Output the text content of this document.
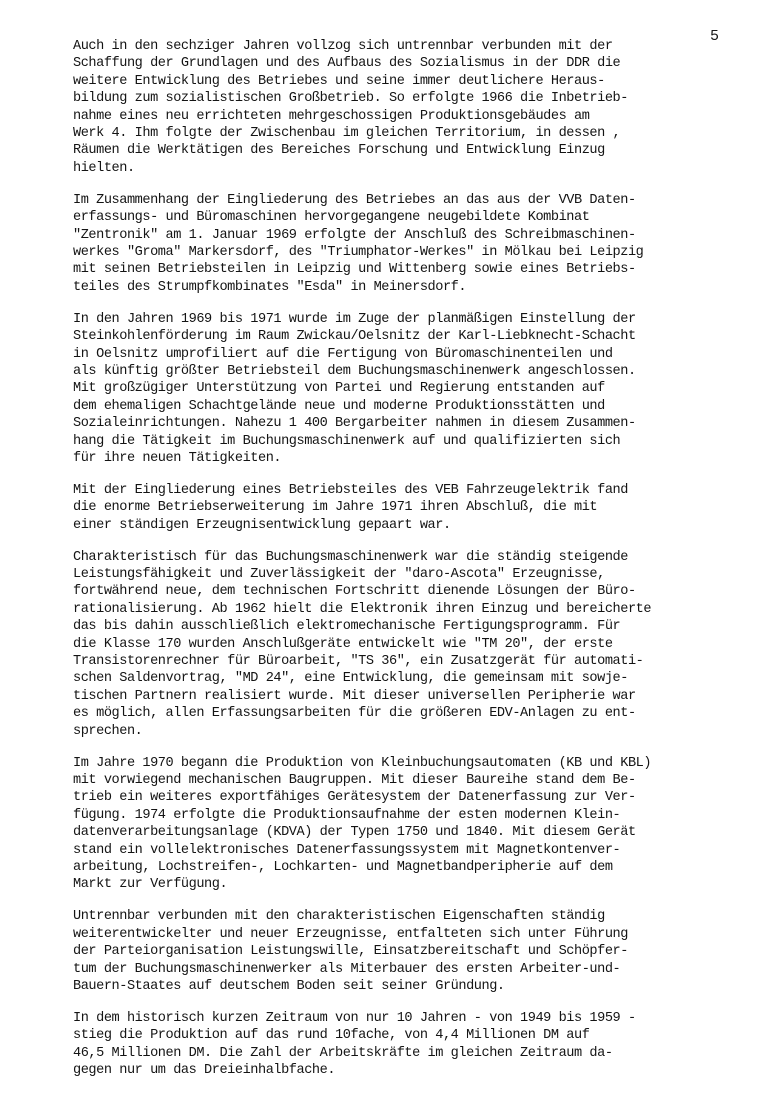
5

Auch in den sechziger Jahren vollzog sich untrennbar verbunden mit der
Schaffung der Grundlagen und des Aufbaus des Sozialismus in der DDR die
weitere Entwicklung des Betriebes und seine immer deutlichere Heraus-
bildung zum sozialistischen Großbetrieb. So erfolgte 1966 die Inbetrieb-
nahme eines neu errichteten mehrgeschossigen Produktionsgebäudes am
Werk 4. Ihm folgte der Zwischenbau im gleichen Territorium, in dessen ,
Räumen die Werktätigen des Bereiches Forschung und Entwicklung Einzug
hielten.

Im Zusammenhang der Eingliederung des Betriebes an das aus der VVB Daten-
erfassungs- und Büromaschinen hervorgegangene neugebildete Kombinat
"Zentronik" am 1. Januar 1969 erfolgte der Anschluß des Schreibmaschinen-
werkes "Groma" Markersdorf, des "Triumphator-Werkes" in Mölkau bei Leipzig
mit seinen Betriebsteilen in Leipzig und Wittenberg sowie eines Betriebs-
teiles des Strumpfkombinates "Esda" in Meinersdorf.

In den Jahren 1969 bis 1971 wurde im Zuge der planmäßigen Einstellung der
Steinkohlenförderung im Raum Zwickau/Oelsnitz der Karl-Liebknecht-Schacht
in Oelsnitz umprofiliert auf die Fertigung von Büromaschinenteilen und
als künftig größter Betriebsteil dem Buchungsmaschinenwerk angeschlossen.
Mit großzügiger Unterstützung von Partei und Regierung entstanden auf
dem ehemaligen Schachtgelände neue und moderne Produktionsstätten und
Sozialeinrichtungen. Nahezu 1 400 Bergarbeiter nahmen in diesem Zusammen-
hang die Tätigkeit im Buchungsmaschinenwerk auf und qualifizierten sich
für ihre neuen Tätigkeiten.

Mit der Eingliederung eines Betriebsteiles des VEB Fahrzeugelektrik fand
die enorme Betriebserweiterung im Jahre 1971 ihren Abschluß, die mit
einer ständigen Erzeugnisentwicklung gepaart war.

Charakteristisch für das Buchungsmaschinenwerk war die ständig steigende
Leistungsfähigkeit und Zuverlässigkeit der "daro-Ascota" Erzeugnisse,
fortwährend neue, dem technischen Fortschritt dienende Lösungen der Büro-
rationalisierung. Ab 1962 hielt die Elektronik ihren Einzug und bereicherte
das bis dahin ausschließlich elektromechanische Fertigungsprogramm. Für
die Klasse 170 wurden Anschlußgeräte entwickelt wie "TM 20", der erste
Transistorenrechner für Büroarbeit, "TS 36", ein Zusatzgerät für automati-
schen Saldenvortrag, "MD 24", eine Entwicklung, die gemeinsam mit sowje-
tischen Partnern realisiert wurde. Mit dieser universellen Peripherie war
es möglich, allen Erfassungsarbeiten für die größeren EDV-Anlagen zu ent-
sprechen.

Im Jahre 1970 begann die Produktion von Kleinbuchungsautomaten (KB und KBL)
mit vorwiegend mechanischen Baugruppen. Mit dieser Baureihe stand dem Be-
trieb ein weiteres exportfähiges Gerätesystem der Datenerfassung zur Ver-
fügung. 1974 erfolgte die Produktionsaufnahme der esten modernen Klein-
datenverarbeitungsanlage (KDVA) der Typen 1750 und 1840. Mit diesem Gerät
stand ein vollelektronisches Datenerfassungssystem mit Magnetkontenver-
arbeitung, Lochstreifen-, Lochkarten- und Magnetbandperipherie auf dem
Markt zur Verfügung.

Untrennbar verbunden mit den charakteristischen Eigenschaften ständig
weiterentwickelter und neuer Erzeugnisse, entfalteten sich unter Führung
der Parteiorganisation Leistungswille, Einsatzbereitschaft und Schöpfer-
tum der Buchungsmaschinenwerker als Miterbauer des ersten Arbeiter-und-
Bauern-Staates auf deutschem Boden seit seiner Gründung.

In dem historisch kurzen Zeitraum von nur 10 Jahren - von 1949 bis 1959 -
stieg die Produktion auf das rund 10fache, von 4,4 Millionen DM auf
46,5 Millionen DM. Die Zahl der Arbeitskräfte im gleichen Zeitraum da-
gegen nur um das Dreieinhalbfache.
